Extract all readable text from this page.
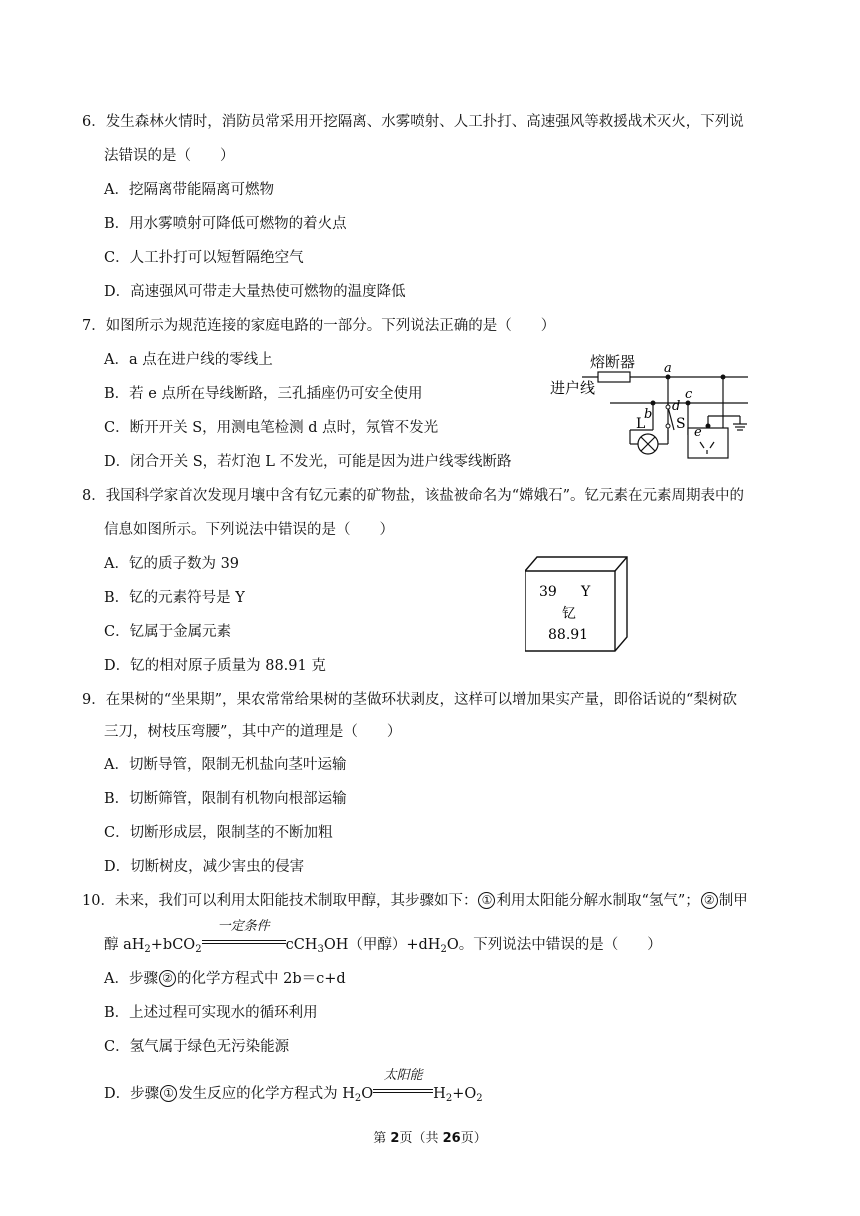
6．发生森林火情时，消防员常采用开挖隔离、水雾喷射、人工扑打、高速强风等救援战术灭火，下列说
法错误的是（　　）
A．挖隔离带能隔离可燃物
B．用水雾喷射可降低可燃物的着火点
C．人工扑打可以短暂隔绝空气
D．高速强风可带走大量热使可燃物的温度降低
7．如图所示为规范连接的家庭电路的一部分。下列说法正确的是（　　）
A．a 点在进户线的零线上
B．若 e 点所在导线断路，三孔插座仍可安全使用
C．断开开关 S，用测电笔检测 d 点时，氖管不发光
D．闭合开关 S，若灯泡 L 不发光，可能是因为进户线零线断路
熔断器
进户线
a
b
d
S
L
c
e
8．我国科学家首次发现月壤中含有钇元素的矿物盐，该盐被命名为“嫦娥石”。钇元素在元素周期表中的
信息如图所示。下列说法中错误的是（　　）
A．钇的质子数为 39
B．钇的元素符号是 Y
C．钇属于金属元素
D．钇的相对原子质量为 88.91 克
39 Y
钇
88.91
9．在果树的“坐果期”，果农常常给果树的茎做环状剥皮，这样可以增加果实产量，即俗话说的“梨树砍
三刀，树枝压弯腰”，其中产的道理是（　　）
A．切断导管，限制无机盐向茎叶运输
B．切断筛管，限制有机物向根部运输
C．切断形成层，限制茎的不断加粗
D．切断树皮，减少害虫的侵害
10．未来，我们可以利用太阳能技术制取甲醇，其步骤如下： ① 利用太阳能分解水制取“氢气”； ② 制甲
醇 $aH_2+bCO_2$
一定条件
cCH$_3$OH（甲醇）$+dH_2O$。下列说法中错误的是（　　）
A．步骤 ② 的化学方程式中 2b＝c+d
B．上述过程可实现水的循环利用
C．氢气属于绿色无污染能源
D．步骤 ① 发生反应的化学方程式为 $H_2O$
太阳能
$H_2+O_2$
第 2页（共 26页）
